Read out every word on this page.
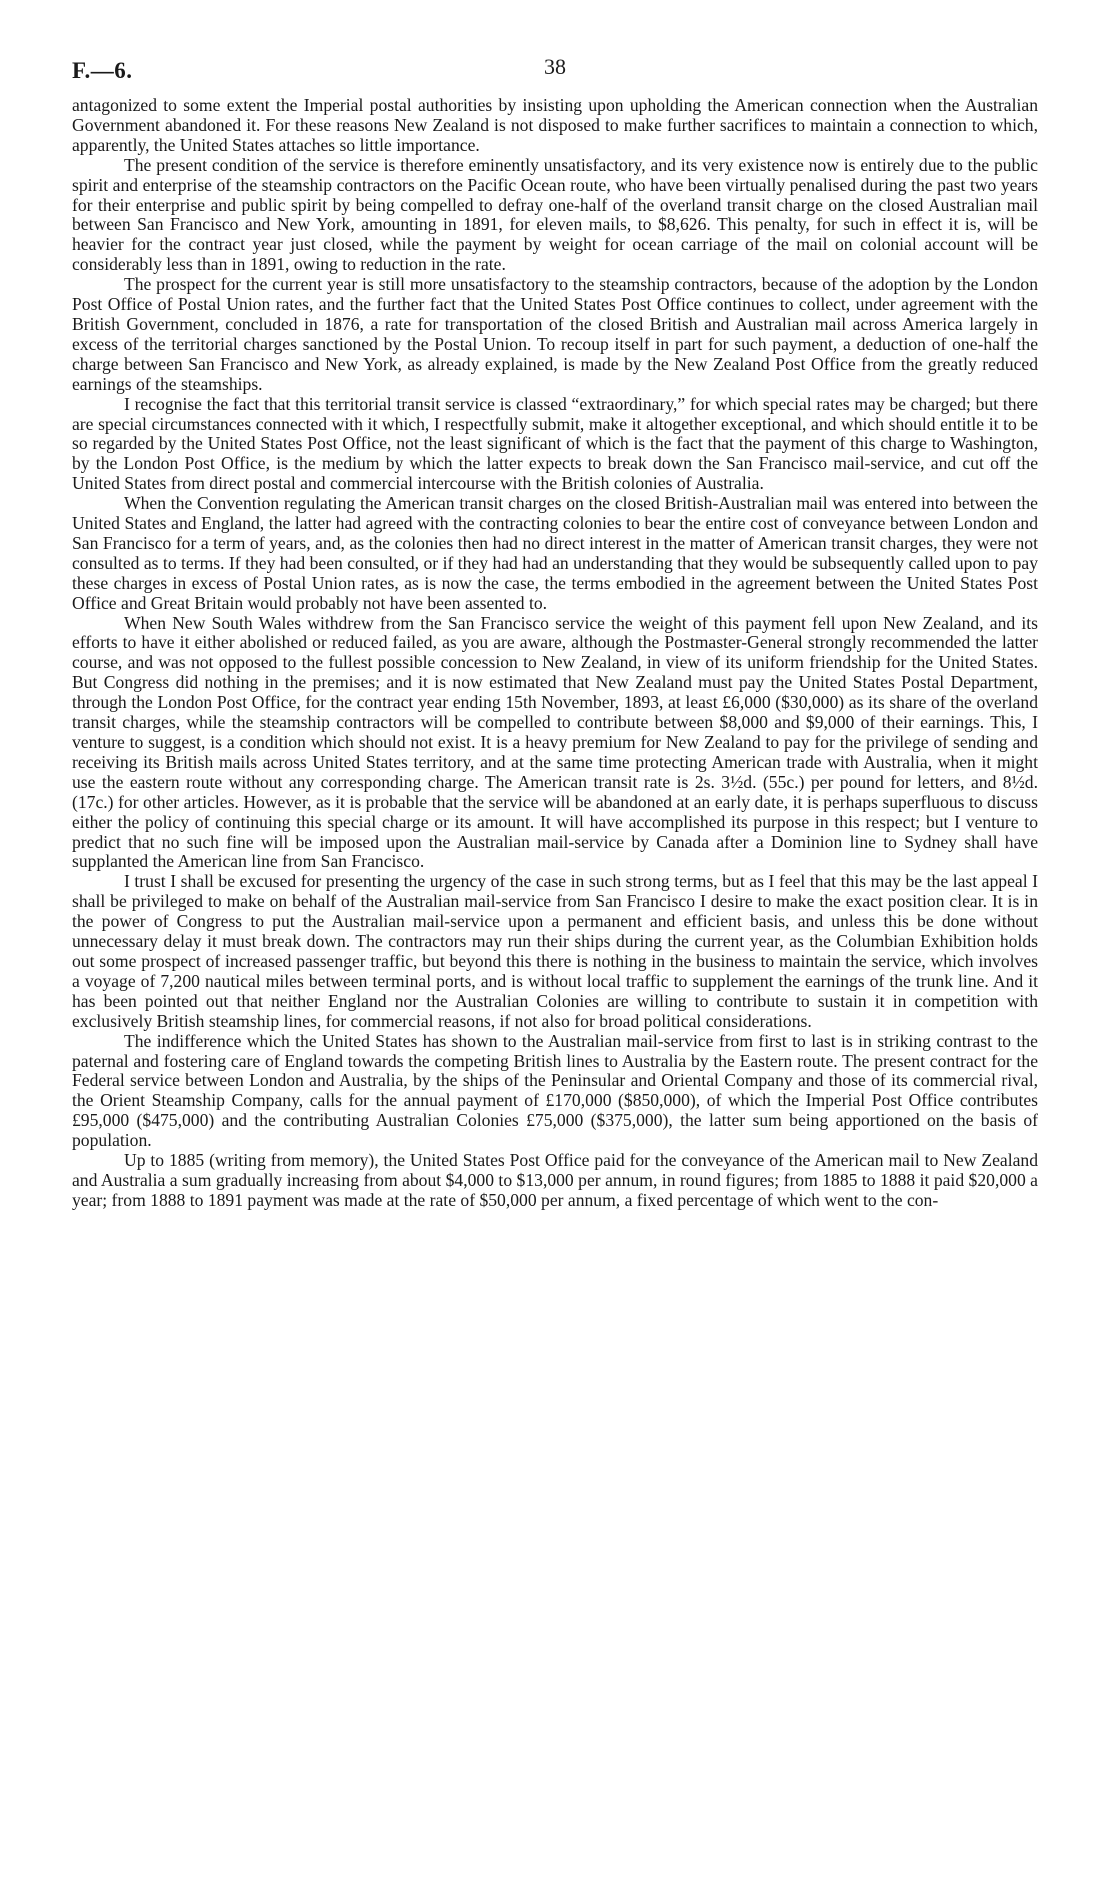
F.—6.	38

antagonized to some extent the Imperial postal authorities by insisting upon upholding the American connection when the Australian Government abandoned it. For these reasons New Zealand is not disposed to make further sacrifices to maintain a connection to which, apparently, the United States attaches so little importance.

The present condition of the service is therefore eminently unsatisfactory, and its very existence now is entirely due to the public spirit and enterprise of the steamship contractors on the Pacific Ocean route, who have been virtually penalised during the past two years for their enterprise and public spirit by being compelled to defray one-half of the overland transit charge on the closed Australian mail between San Francisco and New York, amounting in 1891, for eleven mails, to $8,626. This penalty, for such in effect it is, will be heavier for the contract year just closed, while the payment by weight for ocean carriage of the mail on colonial account will be considerably less than in 1891, owing to reduction in the rate.

The prospect for the current year is still more unsatisfactory to the steamship contractors, because of the adoption by the London Post Office of Postal Union rates, and the further fact that the United States Post Office continues to collect, under agreement with the British Government, concluded in 1876, a rate for transportation of the closed British and Australian mail across America largely in excess of the territorial charges sanctioned by the Postal Union. To recoup itself in part for such payment, a deduction of one-half the charge between San Francisco and New York, as already explained, is made by the New Zealand Post Office from the greatly reduced earnings of the steamships.

I recognise the fact that this territorial transit service is classed “extraordinary,” for which special rates may be charged; but there are special circumstances connected with it which, I respectfully submit, make it altogether exceptional, and which should entitle it to be so regarded by the United States Post Office, not the least significant of which is the fact that the payment of this charge to Washington, by the London Post Office, is the medium by which the latter expects to break down the San Francisco mail-service, and cut off the United States from direct postal and commercial intercourse with the British colonies of Australia.

When the Convention regulating the American transit charges on the closed British-Australian mail was entered into between the United States and England, the latter had agreed with the contracting colonies to bear the entire cost of conveyance between London and San Francisco for a term of years, and, as the colonies then had no direct interest in the matter of American transit charges, they were not consulted as to terms. If they had been consulted, or if they had had an understanding that they would be subsequently called upon to pay these charges in excess of Postal Union rates, as is now the case, the terms embodied in the agreement between the United States Post Office and Great Britain would probably not have been assented to.

When New South Wales withdrew from the San Francisco service the weight of this payment fell upon New Zealand, and its efforts to have it either abolished or reduced failed, as you are aware, although the Postmaster-General strongly recommended the latter course, and was not opposed to the fullest possible concession to New Zealand, in view of its uniform friendship for the United States. But Congress did nothing in the premises; and it is now estimated that New Zealand must pay the United States Postal Department, through the London Post Office, for the contract year ending 15th November, 1893, at least £6,000 ($30,000) as its share of the overland transit charges, while the steamship contractors will be compelled to contribute between $8,000 and $9,000 of their earnings. This, I venture to suggest, is a condition which should not exist. It is a heavy premium for New Zealand to pay for the privilege of sending and receiving its British mails across United States territory, and at the same time protecting American trade with Australia, when it might use the eastern route without any corresponding charge. The American transit rate is 2s. 3½d. (55c.) per pound for letters, and 8½d. (17c.) for other articles. However, as it is probable that the service will be abandoned at an early date, it is perhaps superfluous to discuss either the policy of continuing this special charge or its amount. It will have accomplished its purpose in this respect; but I venture to predict that no such fine will be imposed upon the Australian mail-service by Canada after a Dominion line to Sydney shall have supplanted the American line from San Francisco.

I trust I shall be excused for presenting the urgency of the case in such strong terms, but as I feel that this may be the last appeal I shall be privileged to make on behalf of the Australian mail-service from San Francisco I desire to make the exact position clear. It is in the power of Congress to put the Australian mail-service upon a permanent and efficient basis, and unless this be done without unnecessary delay it must break down. The contractors may run their ships during the current year, as the Columbian Exhibition holds out some prospect of increased passenger traffic, but beyond this there is nothing in the business to maintain the service, which involves a voyage of 7,200 nautical miles between terminal ports, and is without local traffic to supplement the earnings of the trunk line. And it has been pointed out that neither England nor the Australian Colonies are willing to contribute to sustain it in competition with exclusively British steamship lines, for commercial reasons, if not also for broad political considerations.

The indifference which the United States has shown to the Australian mail-service from first to last is in striking contrast to the paternal and fostering care of England towards the competing British lines to Australia by the Eastern route. The present contract for the Federal service between London and Australia, by the ships of the Peninsular and Oriental Company and those of its commercial rival, the Orient Steamship Company, calls for the annual payment of £170,000 ($850,000), of which the Imperial Post Office contributes £95,000 ($475,000) and the contributing Australian Colonies £75,000 ($375,000), the latter sum being apportioned on the basis of population.

Up to 1885 (writing from memory), the United States Post Office paid for the conveyance of the American mail to New Zealand and Australia a sum gradually increasing from about $4,000 to $13,000 per annum, in round figures; from 1885 to 1888 it paid $20,000 a year; from 1888 to 1891 payment was made at the rate of $50,000 per annum, a fixed percentage of which went to the con-
